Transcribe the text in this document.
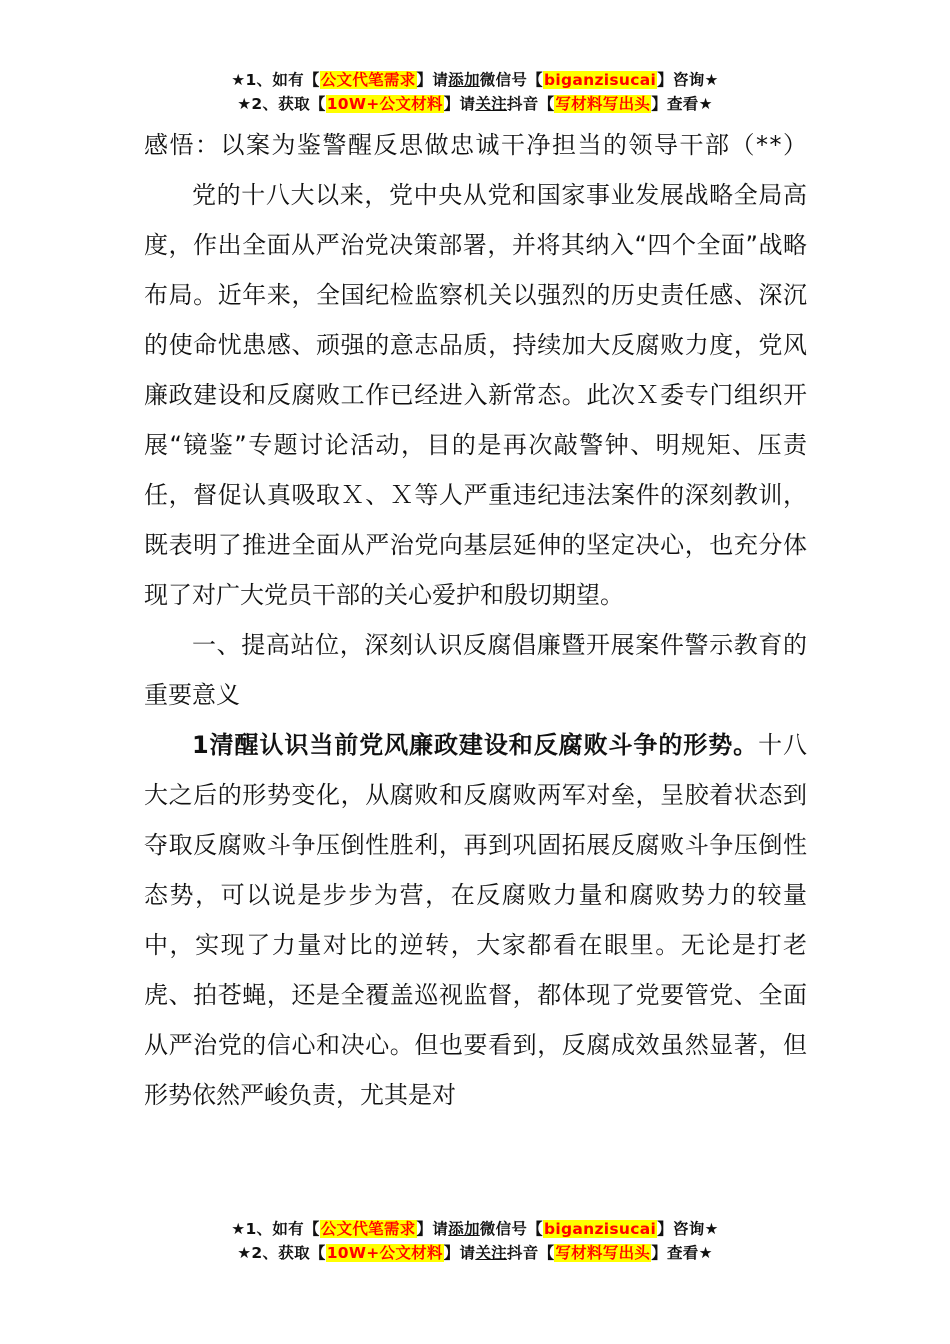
★1、如有【公文代笔需求】请添加微信号【biganzisucai】咨询★
★2、获取【10W+公文材料】请关注抖音【写材料写出头】查看★

感悟：以案为鉴警醒反思做忠诚干净担当的领导干部（**）

党的十八大以来，党中央从党和国家事业发展战略全局高度，作出全面从严治党决策部署，并将其纳入“四个全面”战略布局。近年来，全国纪检监察机关以强烈的历史责任感、深沉的使命忧患感、顽强的意志品质，持续加大反腐败力度，党风廉政建设和反腐败工作已经进入新常态。此次Ｘ委专门组织开展“镜鉴”专题讨论活动，目的是再次敲警钟、明规矩、压责任，督促认真吸取Ｘ、Ｘ等人严重违纪违法案件的深刻教训，既表明了推进全面从严治党向基层延伸的坚定决心，也充分体现了对广大党员干部的关心爱护和殷切期望。

一、提高站位，深刻认识反腐倡廉暨开展案件警示教育的重要意义

1清醒认识当前党风廉政建设和反腐败斗争的形势。十八大之后的形势变化，从腐败和反腐败两军对垒，呈胶着状态到夺取反腐败斗争压倒性胜利，再到巩固拓展反腐败斗争压倒性态势，可以说是步步为营，在反腐败力量和腐败势力的较量中，实现了力量对比的逆转，大家都看在眼里。无论是打老虎、拍苍蝇，还是全覆盖巡视监督，都体现了党要管党、全面从严治党的信心和决心。但也要看到，反腐成效虽然显著，但形势依然严峻负责，尤其是对

★1、如有【公文代笔需求】请添加微信号【biganzisucai】咨询★
★2、获取【10W+公文材料】请关注抖音【写材料写出头】查看★
